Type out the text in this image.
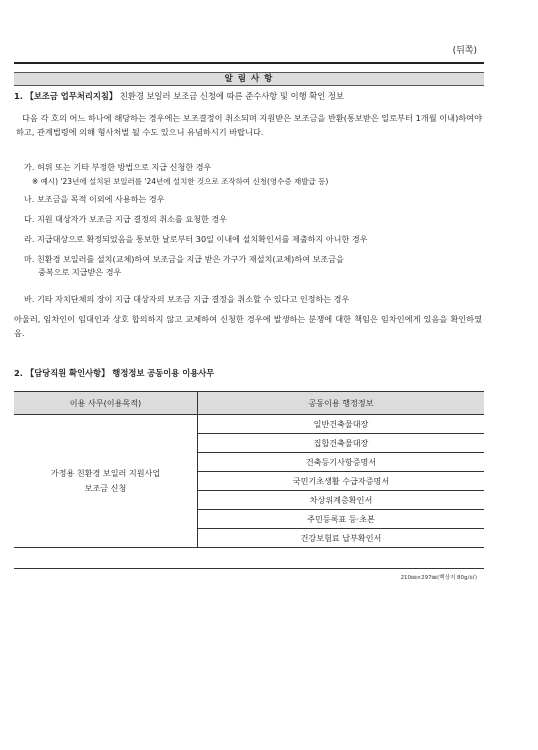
(뒤쪽)
알 림 사 항
1. 【보조금 업무처리지침】 친환경 보일러 보조금 신청에 따른 준수사항 및 이행 확인 정보
다음 각 호의 어느 하나에 해당하는 경우에는 보조결정이 취소되며 지원받은 보조금을 반환(통보받은 일로부터 1개월 이내)하여야 하고, 관계법령에 의해 형사처벌 될 수도 있으니 유념하시기 바랍니다.
가. 허위 또는 기타 부정한 방법으로 지급 신청한 경우
※ 예시) '23년에 설치된 보일러를 '24년에 설치한 것으로 조작하여 신청(영수증 재발급 등)
나. 보조금을 목적 이외에 사용하는 경우
다. 지원 대상자가 보조금 지급 결정의 취소를 요청한 경우
라. 지급대상으로 확정되었음을 통보한 날로부터 30일 이내에 설치확인서를 제출하지 아니한 경우
마. 친환경 보일러를 설치(교체)하여 보조금을 지급 받은 가구가 재설치(교체)하여 보조금을
중복으로 지급받은 경우
바. 기타 자치단체의 장이 지급 대상자의 보조금 지급 결정을 취소할 수 있다고 인정하는 경우
아울러, 임차인이 임대인과 상호 합의하지 않고 교체하여 신청한 경우에 발생하는 분쟁에 대한 책임은 임차인에게 있음을 확인하였음.
2. 【담당직원 확인사항】 행정정보 공동이용 이용사무
이용 사무(이용목적)	공동이용 행정정보

가정용 친환경 보일러 지원사업
보조금 신청	일반건축물대장
	집합건축물대장
	건축등기사항증명서
	국민기초생활 수급자증명서
	차상위계층확인서
	주민등록표 등·초본
	건강보험료 납부확인서
210㎜×297㎜(백상지 80g/㎡)
